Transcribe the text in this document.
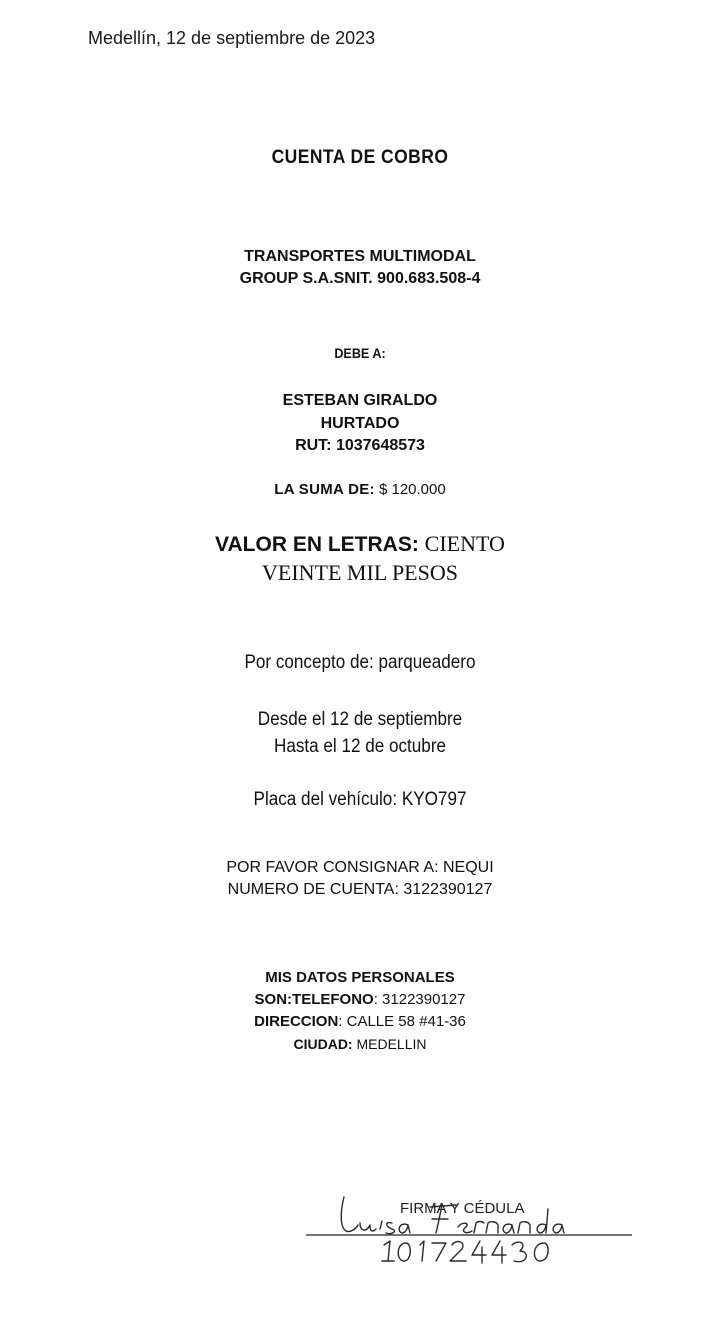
Medellín, 12 de septiembre de 2023
CUENTA DE COBRO
TRANSPORTES MULTIMODAL
GROUP S.A.SNIT. 900.683.508-4
DEBE A:
ESTEBAN GIRALDO
HURTADO
RUT: 1037648573
LA SUMA DE: $ 120.000
VALOR EN LETRAS: CIENTO
VEINTE MIL PESOS
Por concepto de: parqueadero
Desde el 12 de septiembre
Hasta el 12 de octubre
Placa del vehículo: KYO797
POR FAVOR CONSIGNAR A: NEQUI
NUMERO DE CUENTA: 3122390127
MIS DATOS PERSONALES
SON:TELEFONO: 3122390127
DIRECCION: CALLE 58 #41-36
CIUDAD: MEDELLIN
FIRMA Y CÉDULA
